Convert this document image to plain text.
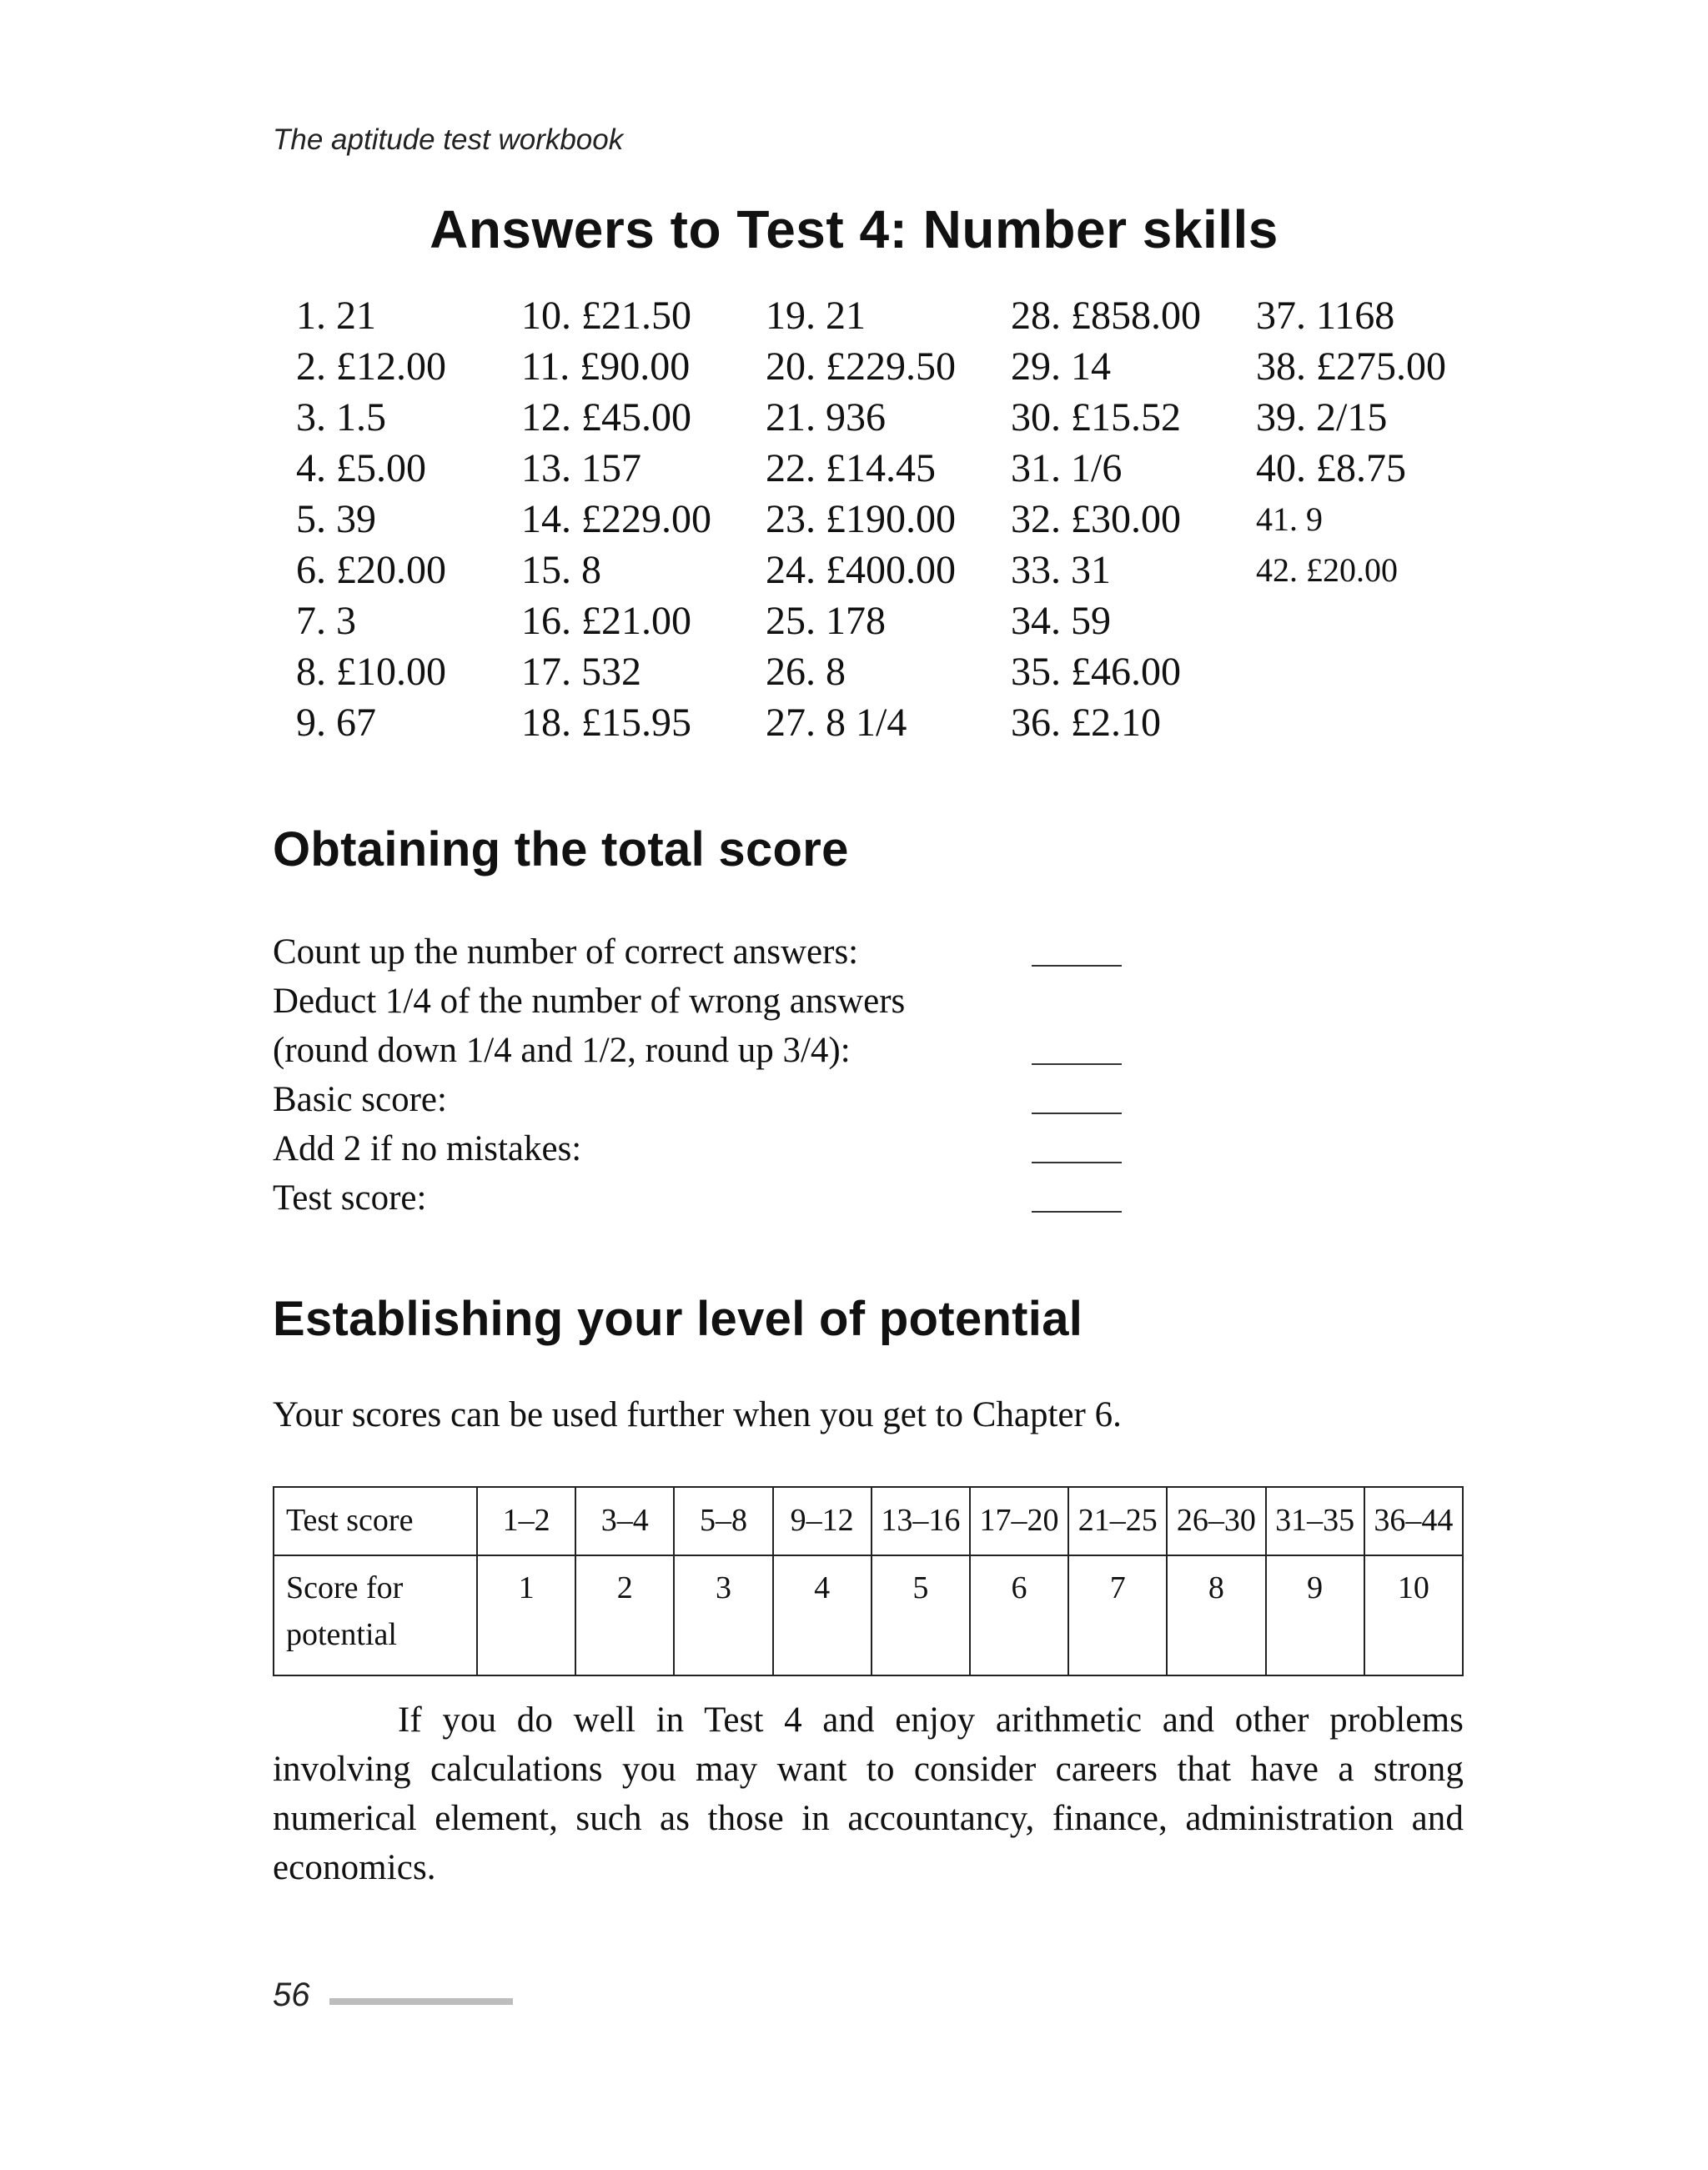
The aptitude test workbook
Answers to Test 4: Number skills
1. 21
2. £12.00
3. 1.5
4. £5.00
5. 39
6. £20.00
7. 3
8. £10.00
9. 67
10. £21.50
11. £90.00
12. £45.00
13. 157
14. £229.00
15. 8
16. £21.00
17. 532
18. £15.95
19. 21
20. £229.50
21. 936
22. £14.45
23. £190.00
24. £400.00
25. 178
26. 8
27. 8 1/4
28. £858.00
29. 14
30. £15.52
31. 1/6
32. £30.00
33. 31
34. 59
35. £46.00
36. £2.10
37. 1168
38. £275.00
39. 2/15
40. £8.75
41. 9
42. £20.00
Obtaining the total score
Count up the number of correct answers:
Deduct 1/4 of the number of wrong answers
(round down 1/4 and 1/2, round up 3/4):
Basic score:
Add 2 if no mistakes:
Test score:
Establishing your level of potential
Your scores can be used further when you get to Chapter 6.
Test score	1–2	3–4	5–8	9–12	13–16	17–20	21–25	26–30	31–35	36–44

Score for
potential	1	2	3	4	5	6	7	8	9	10
If you do well in Test 4 and enjoy arithmetic and other problems involving calculations you may want to consider careers that have a strong numerical element, such as those in accountancy, finance, administration and economics.
56
